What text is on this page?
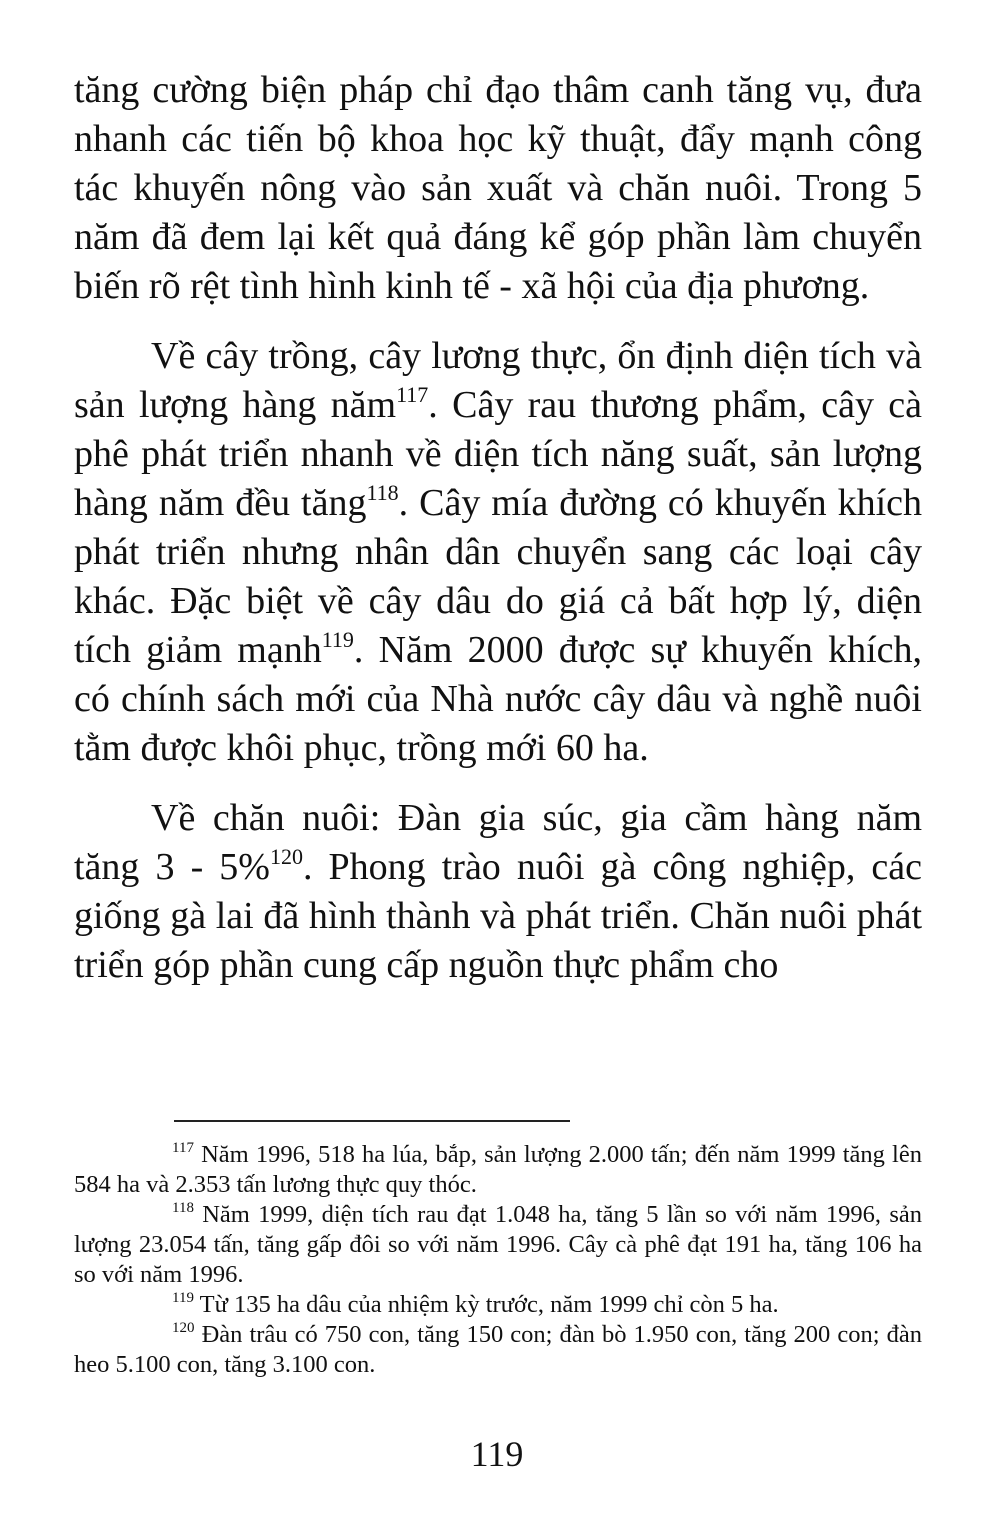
tăng cường biện pháp chỉ đạo thâm canh tăng vụ, đưa nhanh các tiến bộ khoa học kỹ thuật, đẩy mạnh công tác khuyến nông vào sản xuất và chăn nuôi. Trong 5 năm đã đem lại kết quả đáng kể góp phần làm chuyển biến rõ rệt tình hình kinh tế - xã hội của địa phương.

Về cây trồng, cây lương thực, ổn định diện tích và sản lượng hàng năm$^{117}$. Cây rau thương phẩm, cây cà phê phát triển nhanh về diện tích năng suất, sản lượng hàng năm đều tăng$^{118}$. Cây mía đường có khuyến khích phát triển nhưng nhân dân chuyển sang các loại cây khác. Đặc biệt về cây dâu do giá cả bất hợp lý, diện tích giảm mạnh$^{119}$. Năm 2000 được sự khuyến khích, có chính sách mới của Nhà nước cây dâu và nghề nuôi tằm được khôi phục, trồng mới 60 ha.

Về chăn nuôi: Đàn gia súc, gia cầm hàng năm tăng 3 - 5%$^{120}$. Phong trào nuôi gà công nghiệp, các giống gà lai đã hình thành và phát triển. Chăn nuôi phát triển góp phần cung cấp nguồn thực phẩm cho

$^{117}$ Năm 1996, 518 ha lúa, bắp, sản lượng 2.000 tấn; đến năm 1999 tăng lên 584 ha và 2.353 tấn lương thực quy thóc.

$^{118}$ Năm 1999, diện tích rau đạt 1.048 ha, tăng 5 lần so với năm 1996, sản lượng 23.054 tấn, tăng gấp đôi so với năm 1996. Cây cà phê đạt 191 ha, tăng 106 ha so với năm 1996.

$^{119}$ Từ 135 ha dâu của nhiệm kỳ trước, năm 1999 chỉ còn 5 ha.

$^{120}$ Đàn trâu có 750 con, tăng 150 con; đàn bò 1.950 con, tăng 200 con; đàn heo 5.100 con, tăng 3.100 con.

119
